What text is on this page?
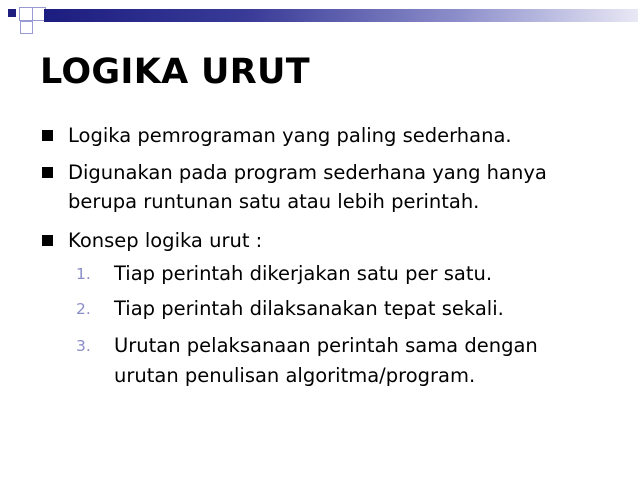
LOGIKA URUT
Logika pemrograman yang paling sederhana.
Digunakan pada program sederhana yang hanya
berupa runtunan satu atau lebih perintah.
Konsep logika urut :
1.	Tiap perintah dikerjakan satu per satu.
2.	Tiap perintah dilaksanakan tepat sekali.
3.	Urutan pelaksanaan perintah sama dengan
urutan penulisan algoritma/program.
